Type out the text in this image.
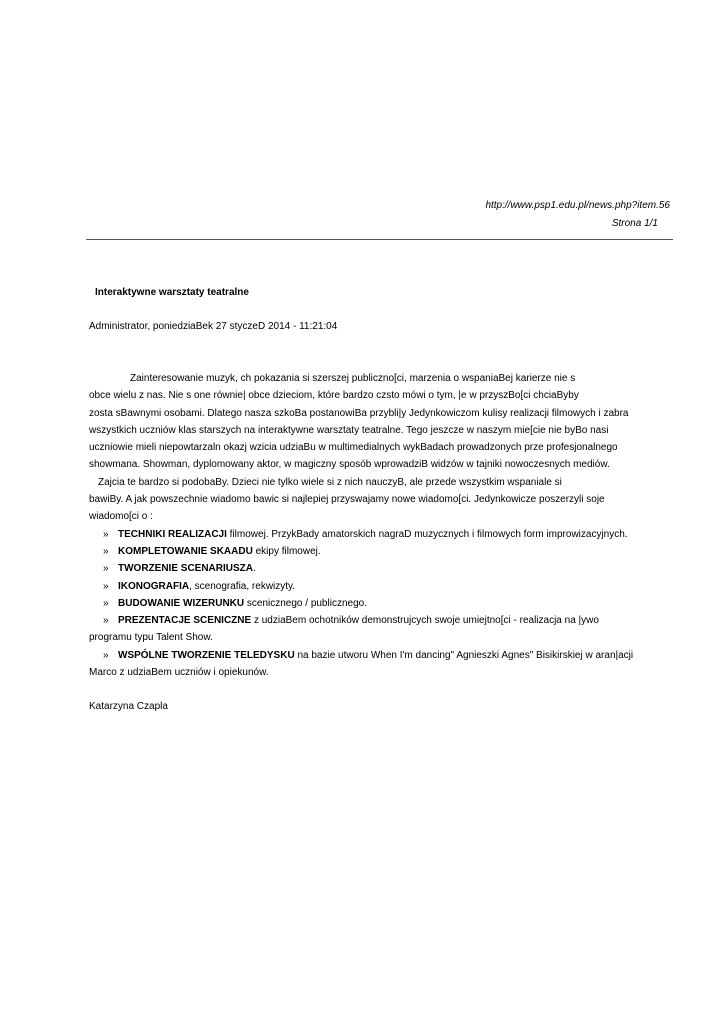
http://www.psp1.edu.pl/news.php?item.56
Strona 1/1
Interaktywne warsztaty teatralne
Administrator, poniedziaBek 27 styczeD 2014 - 11:21:04
Zainteresowanie muzyk, ch pokazania si szerszej publiczno[ci, marzenia o wspaniaBej karierze nie s
obce wielu z nas. Nie s one równie| obce dzieciom, które bardzo czsto mówi o tym, |e w przyszBo[ci chciaByby
zosta sBawnymi osobami. Dlatego nasza szkoBa postanowiBa przybli|y Jedynkowiczom kulisy realizacji filmowych i zabra
wszystkich uczniów klas starszych na interaktywne warsztaty teatralne. Tego jeszcze w naszym mie[cie nie byBo nasi
uczniowie mieli niepowtarzaln okazj wzicia udziaBu w multimedialnych wykBadach prowadzonych prze profesjonalnego
showmana. Showman, dyplomowany aktor, w magiczny sposób wprowadziB widzów w tajniki nowoczesnych mediów.
Zajcia te bardzo si podobaBy. Dzieci nie tylko wiele si z nich nauczyB, ale przede wszystkim wspaniale si
bawiBy. A jak powszechnie wiadomo bawic si najlepiej przyswajamy nowe wiadomo[ci. Jedynkowicze poszerzyli soje
wiadomo[ci o :
» TECHNIKI REALIZACJI filmowej. PrzykBady amatorskich nagraD muzycznych i filmowych form improwizacyjnych.
» KOMPLETOWANIE SKAADU ekipy filmowej.
» TWORZENIE SCENARIUSZA.
» IKONOGRAFIA, scenografia, rekwizyty.
» BUDOWANIE WIZERUNKU scenicznego / publicznego.
» PREZENTACJE SCENICZNE z udziaBem ochotników demonstrujcych swoje umiejtno[ci - realizacja na |ywo
programu typu Talent Show.
» WSPÓLNE TWORZENIE TELEDYSKU na bazie utworu When I'm dancing" Agnieszki Agnes" Bisikirskiej w aran|acji
Marco z udziaBem uczniów i opiekunów.
Katarzyna Czapla
